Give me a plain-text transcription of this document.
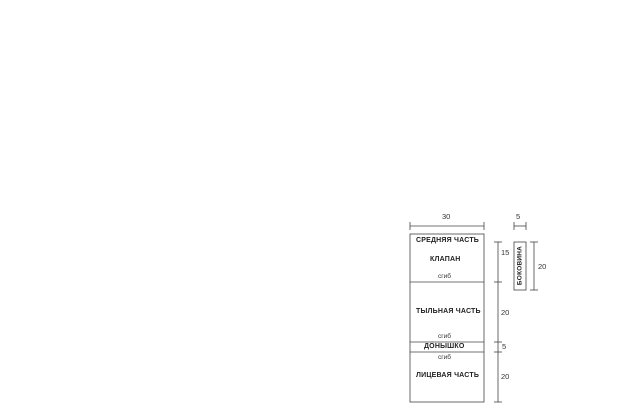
30	5
СРЕДНЯЯ ЧАСТЬ
КЛАПАН
сгиб
ТЫЛЬНАЯ ЧАСТЬ
сгиб
ДОНЫШКО
сгиб
ЛИЦЕВАЯ ЧАСТЬ
БОКОВИНА
15
20
5
20
20
